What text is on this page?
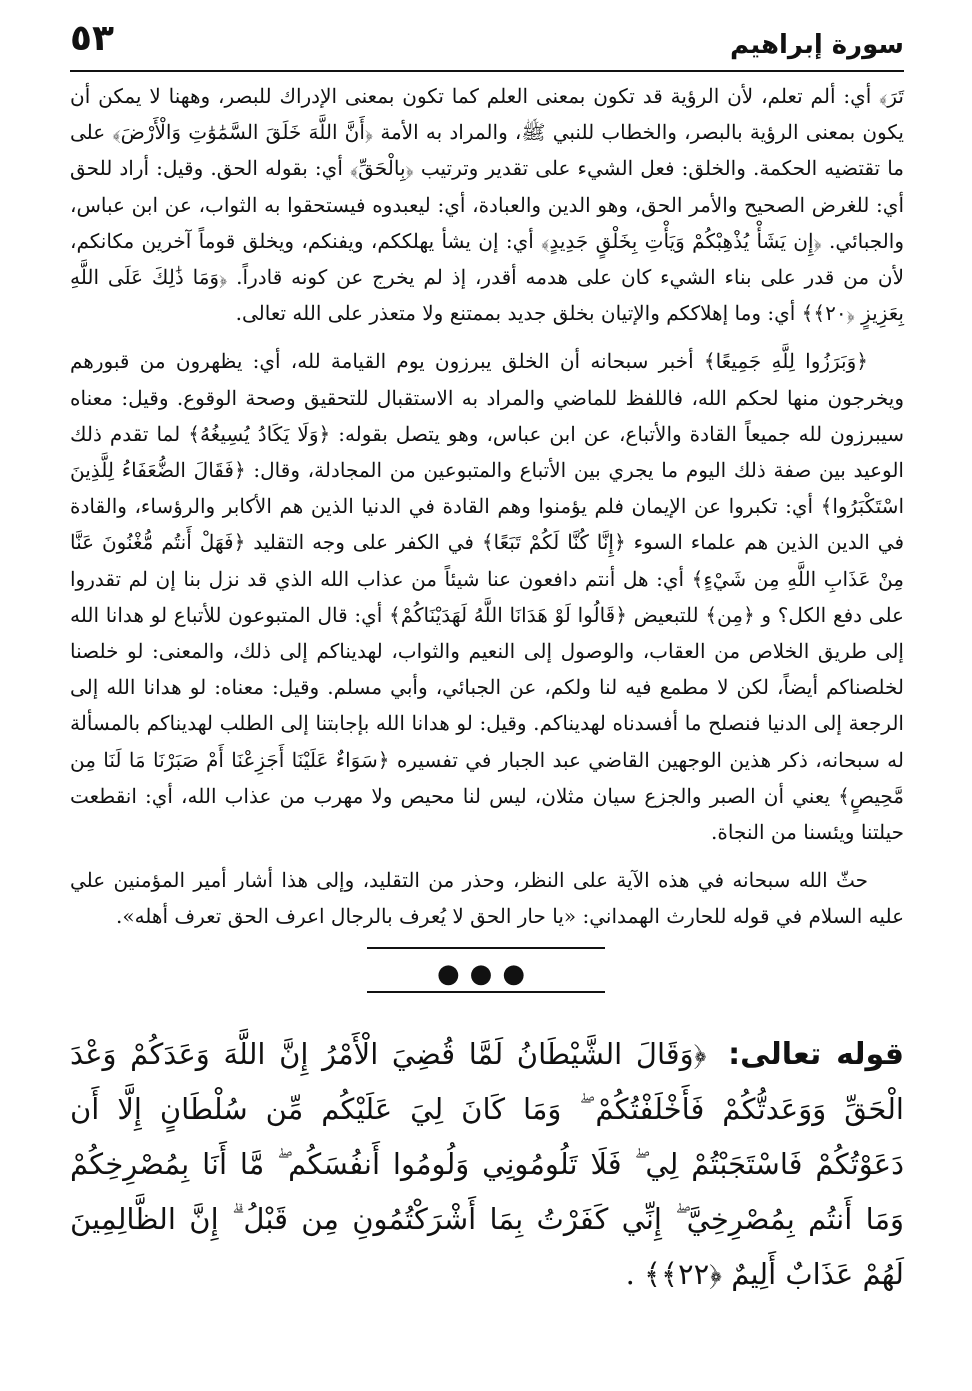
سورة إبراهيم
٥٣

تَرَ﴾ أي: ألم تعلم، لأن الرؤية قد تكون بمعنى العلم كما تكون بمعنى الإدراك للبصر، وههنا لا يمكن أن يكون بمعنى الرؤية بالبصر، والخطاب للنبي ﷺ، والمراد به الأمة ﴿أَنَّ اللَّهَ خَلَقَ السَّمَٰوَٰتِ وَالْأَرْضَ﴾ على ما تقتضيه الحكمة. والخلق: فعل الشيء على تقدير وترتيب ﴿بِالْحَقِّ﴾ أي: بقوله الحق. وقيل: أراد للحق أي: للغرض الصحيح والأمر الحق، وهو الدين والعبادة، أي: ليعبدوه فيستحقوا به الثواب، عن ابن عباس، والجبائي. ﴿إِن يَشَأْ يُذْهِبْكُمْ وَيَأْتِ بِخَلْقٍ جَدِيدٍ﴾ أي: إن يشأ يهلككم، ويفنكم، ويخلق قوماً آخرين مكانكم، لأن من قدر على بناء الشيء كان على هدمه أقدر، إذ لم يخرج عن كونه قادراً. ﴿وَمَا ذَٰلِكَ عَلَى اللَّهِ بِعَزِيزٍ ﴿٢٠﴾﴾ أي: وما إهلاككم والإتيان بخلق جديد بممتنع ولا متعذر على الله تعالى.

﴿وَبَرَزُوا لِلَّهِ جَمِيعًا﴾ أخبر سبحانه أن الخلق يبرزون يوم القيامة لله، أي: يظهرون من قبورهم ويخرجون منها لحكم الله، فاللفظ للماضي والمراد به الاستقبال للتحقيق وصحة الوقوع. وقيل: معناه سيبرزون لله جميعاً القادة والأتباع، عن ابن عباس، وهو يتصل بقوله: ﴿وَلَا يَكَادُ يُسِيغُهُ﴾ لما تقدم ذلك الوعيد بين صفة ذلك اليوم ما يجري بين الأتباع والمتبوعين من المجادلة، وقال: ﴿فَقَالَ الضُّعَفَاءُ لِلَّذِينَ اسْتَكْبَرُوا﴾ أي: تكبروا عن الإيمان فلم يؤمنوا وهم القادة في الدنيا الذين هم الأكابر والرؤساء، والقادة في الدين الذين هم علماء السوء ﴿إِنَّا كُنَّا لَكُمْ تَبَعًا﴾ في الكفر على وجه التقليد ﴿فَهَلْ أَنتُم مُّغْنُونَ عَنَّا مِنْ عَذَابِ اللَّهِ مِن شَيْءٍ﴾ أي: هل أنتم دافعون عنا شيئاً من عذاب الله الذي قد نزل بنا إن لم تقدروا على دفع الكل؟ و ﴿مِن﴾ للتبعيض ﴿قَالُوا لَوْ هَدَانَا اللَّهُ لَهَدَيْنَاكُمْ﴾ أي: قال المتبوعون للأتباع لو هدانا الله إلى طريق الخلاص من العقاب، والوصول إلى النعيم والثواب، لهديناكم إلى ذلك، والمعنى: لو خلصنا لخلصناكم أيضاً، لكن لا مطمع فيه لنا ولكم، عن الجبائي، وأبي مسلم. وقيل: معناه: لو هدانا الله إلى الرجعة إلى الدنيا فنصلح ما أفسدناه لهديناكم. وقيل: لو هدانا الله بإجابتنا إلى الطلب لهديناكم بالمسألة له سبحانه، ذكر هذين الوجهين القاضي عبد الجبار في تفسيره ﴿سَوَاءٌ عَلَيْنَا أَجَزِعْنَا أَمْ صَبَرْنَا مَا لَنَا مِن مَّحِيصٍ﴾ يعني أن الصبر والجزع سيان مثلان، ليس لنا محيص ولا مهرب من عذاب الله، أي: انقطعت حيلتنا ويئسنا من النجاة.

حثّ الله سبحانه في هذه الآية على النظر، وحذر من التقليد، وإلى هذا أشار أمير المؤمنين علي عليه السلام في قوله للحارث الهمداني: «يا حار الحق لا يُعرف بالرجال اعرف الحق تعرف أهله».

●●●
قوله تعالى: ﴿وَقَالَ الشَّيْطَانُ لَمَّا قُضِيَ الْأَمْرُ إِنَّ اللَّهَ وَعَدَكُمْ وَعْدَ الْحَقِّ وَوَعَدتُّكُمْ فَأَخْلَفْتُكُمْ ۖ وَمَا كَانَ لِيَ عَلَيْكُم مِّن سُلْطَانٍ إِلَّا أَن دَعَوْتُكُمْ فَاسْتَجَبْتُمْ لِي ۖ فَلَا تَلُومُونِي وَلُومُوا أَنفُسَكُم ۖ مَّا أَنَا بِمُصْرِخِكُمْ وَمَا أَنتُم بِمُصْرِخِيَّ ۖ إِنِّي كَفَرْتُ بِمَا أَشْرَكْتُمُونِ مِن قَبْلُ ۗ إِنَّ الظَّالِمِينَ لَهُمْ عَذَابٌ أَلِيمٌ ﴿٢٢﴾﴾ .
